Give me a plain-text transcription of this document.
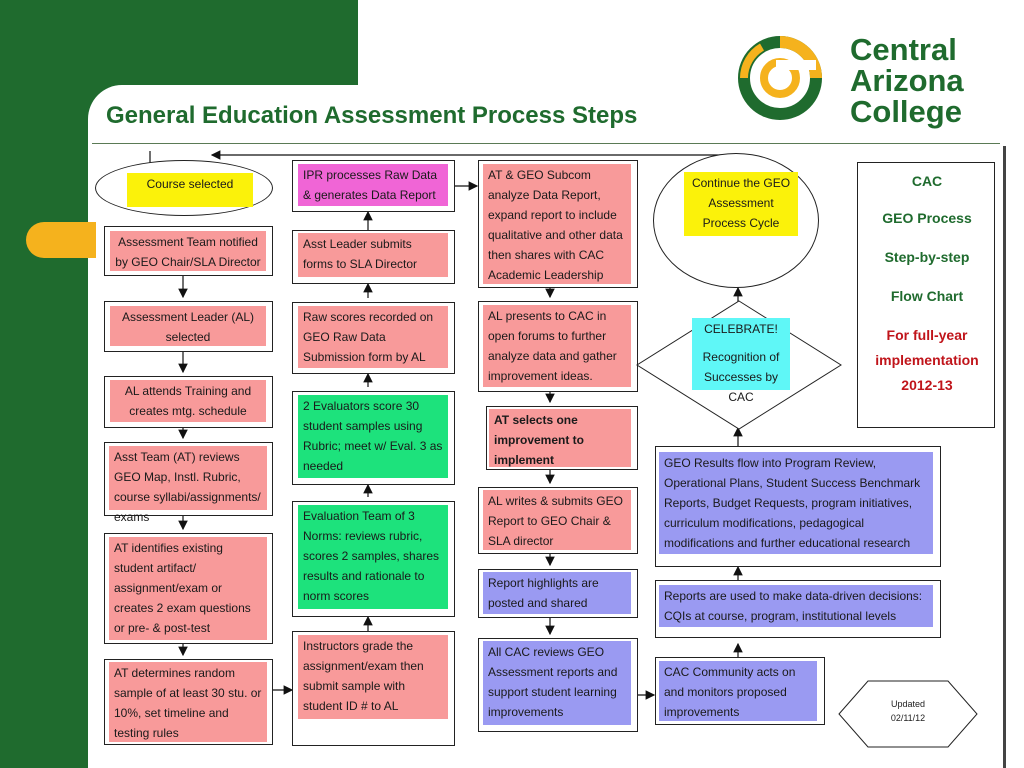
General Education Assessment Process Steps
Central
Arizona
College
Course selected
Assessment Team notified by GEO Chair/SLA Director
Assessment Leader (AL) selected
AL attends Training and creates mtg. schedule
Asst Team (AT) reviews GEO Map, Instl. Rubric, course syllabi/assignments/ exams
AT identifies existing student artifact/ assignment/exam or creates 2 exam questions or pre- & post-test
AT determines random sample of at least 30 stu. or 10%, set timeline and testing rules
IPR processes Raw Data & generates Data Report
Asst Leader submits forms to SLA Director
Raw scores recorded on GEO Raw Data Submission form by AL
2 Evaluators score 30 student samples using Rubric; meet w/ Eval. 3 as needed
Evaluation Team of 3 Norms: reviews rubric, scores 2 samples, shares results and rationale to norm scores
Instructors grade the assignment/exam then submit sample with student ID # to AL
AT & GEO Subcom analyze Data Report, expand report to include qualitative and other data then shares with CAC Academic Leadership
AL presents to CAC in open forums to further analyze data and gather improvement ideas.
AT selects one improvement to implement
AL writes & submits GEO Report to GEO Chair & SLA director
Report highlights are posted and shared
All CAC reviews GEO Assessment reports and support student learning improvements
Continue the GEO Assessment Process Cycle
CELEBRATE!
Recognition of Successes by CAC
GEO Results flow into Program Review, Operational Plans, Student Success Benchmark Reports, Budget Requests, program initiatives, curriculum modifications, pedagogical modifications and further educational research
Reports are used to make data-driven decisions: CQIs at course, program, institutional levels
CAC Community acts on and monitors proposed improvements
CAC
GEO Process
Step-by-step
Flow Chart
For full-year
implementation
2012-13
Updated
02/11/12
